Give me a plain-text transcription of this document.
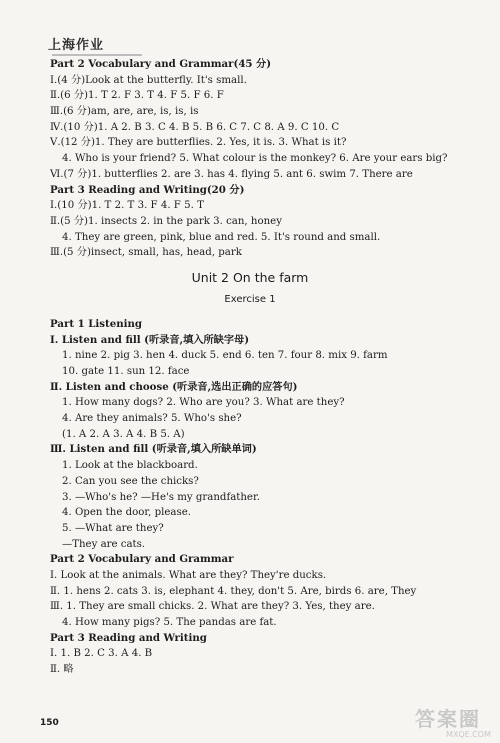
上海作业
Part 2 Vocabulary and Grammar(45 分)
Ⅰ.(4 分)Look at the butterfly. It's small.
Ⅱ.(6 分)1. T 2. F 3. T 4. F 5. F 6. F
Ⅲ.(6 分)am, are, are, is, is, is
Ⅳ.(10 分)1. A 2. B 3. C 4. B 5. B 6. C 7. C 8. A 9. C 10. C
Ⅴ.(12 分)1. They are butterflies. 2. Yes, it is. 3. What is it?
4. Who is your friend? 5. What colour is the monkey? 6. Are your ears big?
Ⅵ.(7 分)1. butterflies 2. are 3. has 4. flying 5. ant 6. swim 7. There are
Part 3 Reading and Writing(20 分)
Ⅰ.(10 分)1. T 2. T 3. F 4. F 5. T
Ⅱ.(5 分)1. insects 2. in the park 3. can, honey
4. They are green, pink, blue and red. 5. It's round and small.
Ⅲ.(5 分)insect, small, has, head, park
Unit 2 On the farm
Exercise 1
Part 1 Listening
Ⅰ. Listen and fill (听录音,填入所缺字母)
1. nine 2. pig 3. hen 4. duck 5. end 6. ten 7. four 8. mix 9. farm
10. gate 11. sun 12. face
Ⅱ. Listen and choose (听录音,选出正确的应答句)
1. How many dogs? 2. Who are you? 3. What are they?
4. Are they animals? 5. Who's she?
(1. A 2. A 3. A 4. B 5. A)
Ⅲ. Listen and fill (听录音,填入所缺单词)
1. Look at the blackboard.
2. Can you see the chicks?
3. —Who's he? —He's my grandfather.
4. Open the door, please.
5. —What are they?
—They are cats.
Part 2 Vocabulary and Grammar
Ⅰ. Look at the animals. What are they? They're ducks.
Ⅱ. 1. hens 2. cats 3. is, elephant 4. they, don't 5. Are, birds 6. are, They
Ⅲ. 1. They are small chicks. 2. What are they? 3. Yes, they are.
4. How many pigs? 5. The pandas are fat.
Part 3 Reading and Writing
Ⅰ. 1. B 2. C 3. A 4. B
Ⅱ. 略
150	答案圈
MXQE.COM
